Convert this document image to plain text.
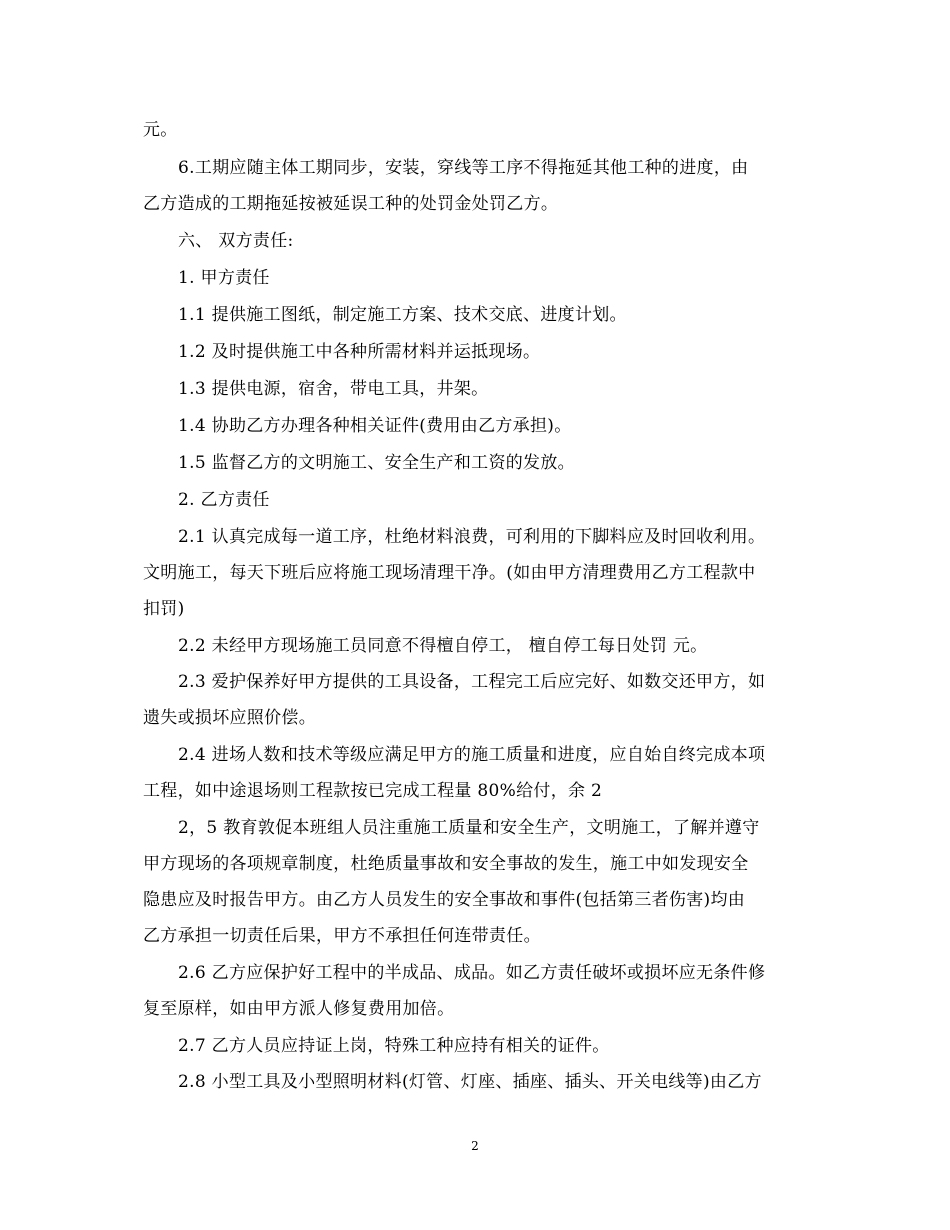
元。
6.工期应随主体工期同步，安装，穿线等工序不得拖延其他工种的进度，由
乙方造成的工期拖延按被延误工种的处罚金处罚乙方。
六、 双方责任:
1. 甲方责任
1.1 提供施工图纸，制定施工方案、技术交底、进度计划。
1.2 及时提供施工中各种所需材料并运抵现场。
1.3 提供电源，宿舍，带电工具，井架。
1.4 协助乙方办理各种相关证件(费用由乙方承担)。
1.5 监督乙方的文明施工、安全生产和工资的发放。
2. 乙方责任
2.1 认真完成每一道工序，杜绝材料浪费，可利用的下脚料应及时回收利用。
文明施工，每天下班后应将施工现场清理干净。(如由甲方清理费用乙方工程款中
扣罚)
2.2 未经甲方现场施工员同意不得檀自停工， 檀自停工每日处罚 元。
2.3 爱护保养好甲方提供的工具设备，工程完工后应完好、如数交还甲方，如
遗失或损坏应照价偿。
2.4 进场人数和技术等级应满足甲方的施工质量和进度，应自始自终完成本项
工程，如中途退场则工程款按已完成工程量 80%给付，余 2
2，5 教育敦促本班组人员注重施工质量和安全生产，文明施工，了解并遵守
甲方现场的各项规章制度，杜绝质量事故和安全事故的发生，施工中如发现安全
隐患应及时报告甲方。由乙方人员发生的安全事故和事件(包括第三者伤害)均由
乙方承担一切责任后果，甲方不承担任何连带责任。
2.6 乙方应保护好工程中的半成品、成品。如乙方责任破坏或损坏应无条件修
复至原样，如由甲方派人修复费用加倍。
2.7 乙方人员应持证上岗，特殊工种应持有相关的证件。
2.8 小型工具及小型照明材料(灯管、灯座、插座、插头、开关电线等)由乙方
2
